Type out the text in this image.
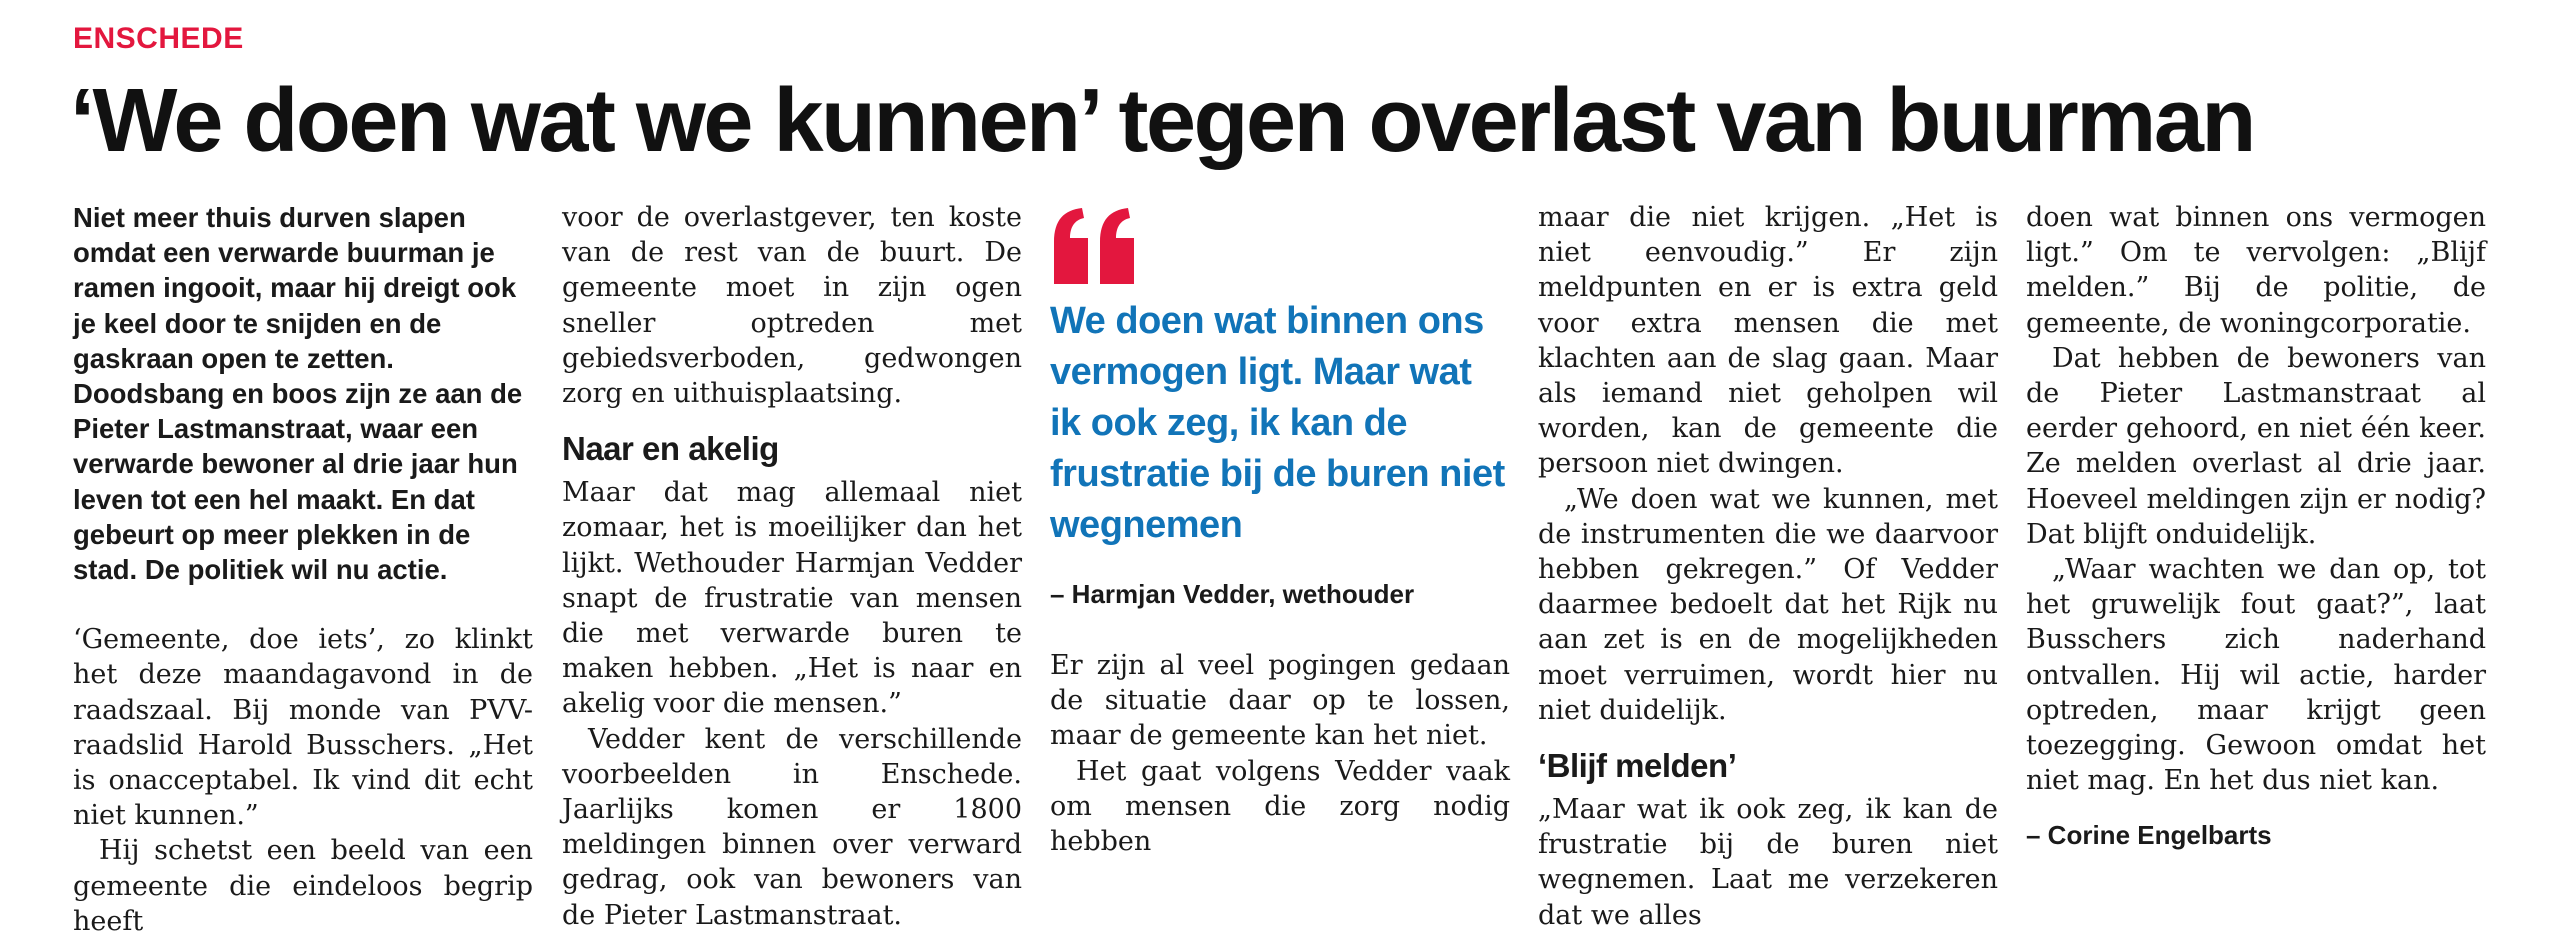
ENSCHEDE
‘We doen wat we kunnen’ tegen overlast van buurman

Niet meer thuis durven slapen omdat een verwarde buurman je ramen ingooit, maar hij dreigt ook je keel door te snijden en de gaskraan open te zetten. Doodsbang en boos zijn ze aan de Pieter Lastmanstraat, waar een verwarde bewoner al drie jaar hun leven tot een hel maakt. En dat gebeurt op meer plekken in de stad. De politiek wil nu actie.

‘Gemeente, doe iets’, zo klinkt het deze maandagavond in de raadszaal. Bij monde van PVV-raadslid Harold Busschers. „Het is onacceptabel. Ik vind dit echt niet kunnen.”

Hij schetst een beeld van een gemeente die eindeloos begrip heeft

voor de overlastgever, ten koste van de rest van de buurt. De gemeente moet in zijn ogen sneller optreden met gebiedsverboden, gedwongen zorg en uithuisplaatsing.

Naar en akelig

Maar dat mag allemaal niet zomaar, het is moeilijker dan het lijkt. Wethouder Harmjan Vedder snapt de frustratie van mensen die met verwarde buren te maken hebben. „Het is naar en akelig voor die mensen.”

Vedder kent de verschillende voorbeelden in Enschede. Jaarlijks komen er 1800 meldingen binnen over verward gedrag, ook van bewoners van de Pieter Lastmanstraat.

We doen wat binnen ons vermogen ligt. Maar wat ik ook zeg, ik kan de frustratie bij de buren niet wegnemen

– Harmjan Vedder, wethouder

Er zijn al veel pogingen gedaan de situatie daar op te lossen, maar de gemeente kan het niet.

Het gaat volgens Vedder vaak om mensen die zorg nodig hebben

maar die niet krijgen. „Het is niet eenvoudig.” Er zijn meldpunten en er is extra geld voor extra mensen die met klachten aan de slag gaan. Maar als iemand niet geholpen wil worden, kan de gemeente die persoon niet dwingen.

„We doen wat we kunnen, met de instrumenten die we daarvoor hebben gekregen.” Of Vedder daarmee bedoelt dat het Rijk nu aan zet is en de mogelijkheden moet verruimen, wordt hier nu niet duidelijk.

‘Blijf melden’

„Maar wat ik ook zeg, ik kan de frustratie bij de buren niet wegnemen. Laat me verzekeren dat we alles

doen wat binnen ons vermogen ligt.” Om te vervolgen: „Blijf melden.” Bij de politie, de gemeente, de woningcorporatie.

Dat hebben de bewoners van de Pieter Lastmanstraat al eerder gehoord, en niet één keer. Ze melden overlast al drie jaar. Hoeveel meldingen zijn er nodig? Dat blijft onduidelijk.

„Waar wachten we dan op, tot het gruwelijk fout gaat?”, laat Busschers zich naderhand ontvallen. Hij wil actie, harder optreden, maar krijgt geen toezegging. Gewoon omdat het niet mag. En het dus niet kan.

– Corine Engelbarts
